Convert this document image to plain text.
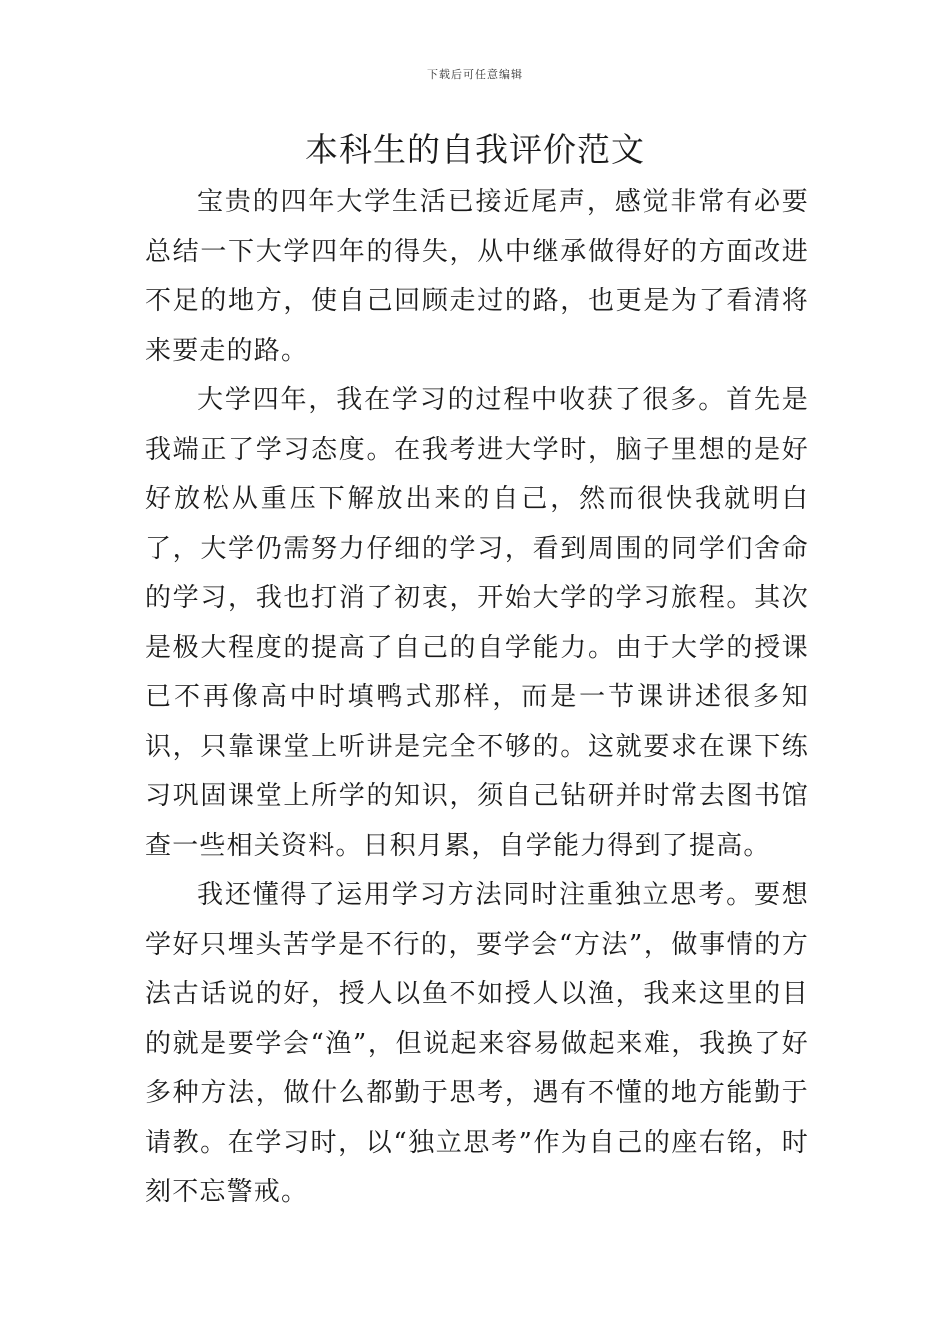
下载后可任意编辑
本科生的自我评价范文

宝贵的四年大学生活已接近尾声，感觉非常有必要总结一下大学四年的得失，从中继承做得好的方面改进不足的地方，使自己回顾走过的路，也更是为了看清将来要走的路。

大学四年，我在学习的过程中收获了很多。首先是我端正了学习态度。在我考进大学时，脑子里想的是好好放松从重压下解放出来的自己，然而很快我就明白了，大学仍需努力仔细的学习，看到周围的同学们舍命的学习，我也打消了初衷，开始大学的学习旅程。其次是极大程度的提高了自己的自学能力。由于大学的授课已不再像高中时填鸭式那样，而是一节课讲述很多知识，只靠课堂上听讲是完全不够的。这就要求在课下练习巩固课堂上所学的知识，须自己钻研并时常去图书馆查一些相关资料。日积月累，自学能力得到了提高。

我还懂得了运用学习方法同时注重独立思考。要想学好只埋头苦学是不行的，要学会“方法”，做事情的方法古话说的好，授人以鱼不如授人以渔，我来这里的目的就是要学会“渔”，但说起来容易做起来难，我换了好多种方法，做什么都勤于思考，遇有不懂的地方能勤于请教。在学习时，以“独立思考”作为自己的座右铭，时刻不忘警戒。
